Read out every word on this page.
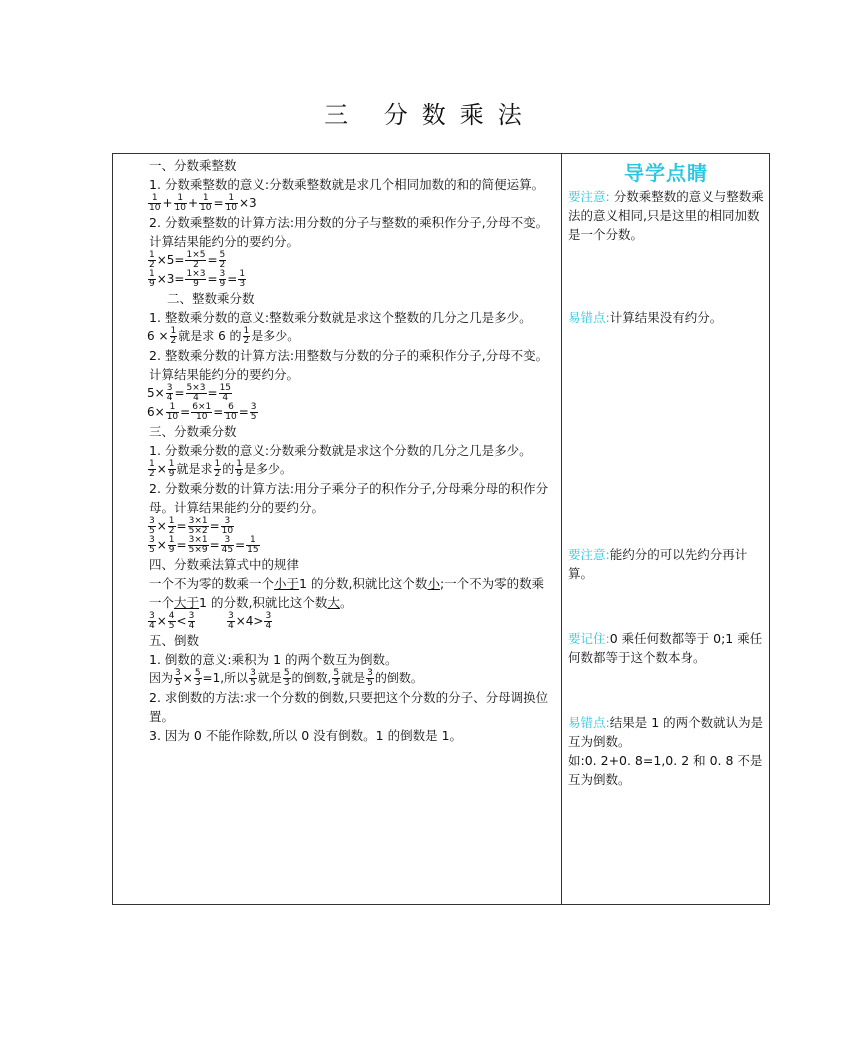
三 分数乘法
一、分数乘整数
1. 分数乘整数的意义:分数乘整数就是求几个相同加数的和的简便运算。
$\frac{1}{10} + \frac{1}{10} + \frac{1}{10} = \frac{1}{10} \times 3$
2. 分数乘整数的计算方法:用分数的分子与整数的乘积作分子,分母不变。计算结果能约分的要约分。
$\frac{1}{2} \times 5= \frac{1\times 5}{2} = \frac{5}{2}$
$\frac{1}{9} \times 3= \frac{1\times 3}{9} = \frac{3}{9} = \frac{1}{3}$
二、整数乘分数
1. 整数乘分数的意义:整数乘分数就是求这个整数的几分之几是多少。
$6 \times \frac{1}{2}$ 就是求 6 的 $\frac{1}{2}$ 是多少。
2. 整数乘分数的计算方法:用整数与分数的分子的乘积作分子,分母不变。计算结果能约分的要约分。
$5\times \frac{3}{4} = \frac{5\times 3}{4} = \frac{15}{4}$
$6\times \frac{1}{10} = \frac{6\times 1}{10} = \frac{6}{10} = \frac{3}{5}$
三、分数乘分数
1. 分数乘分数的意义:分数乘分数就是求这个分数的几分之几是多少。
$\frac{1}{2} \times \frac{1}{9}$ 就是求 $\frac{1}{2}$ 的 $\frac{1}{9}$ 是多少。
2. 分数乘分数的计算方法:用分子乘分子的积作分子,分母乘分母的积作分母。计算结果能约分的要约分。
$\frac{3}{5} \times \frac{1}{2} = \frac{3\times 1}{5\times 2} = \frac{3}{10}$
$\frac{3}{5} \times \frac{1}{9} = \frac{3\times 1}{5\times 9} = \frac{3}{45} = \frac{1}{15}$
四、分数乘法算式中的规律
一个不为零的数乘一个小于1 的分数,积就比这个数小;一个不为零的数乘一个大于1 的分数,积就比这个数大。
$\frac{3}{4} \times \frac{4}{5} < \frac{3}{4}$
	$\frac{3}{4} \times 4> \frac{3}{4}$
五、倒数
1. 倒数的意义:乘积为 1 的两个数互为倒数。
因为 $\frac{3}{5} \times \frac{5}{3} =1$,所以 $\frac{3}{5}$ 就是 $\frac{5}{3}$ 的倒数, $\frac{5}{3}$ 就是 $\frac{3}{5}$ 的倒数。
2. 求倒数的方法:求一个分数的倒数,只要把这个分数的分子、分母调换位置。
3. 因为 0 不能作除数,所以 0 没有倒数。1 的倒数是 1。
导学点睛

要注意: 分数乘整数的意义与整数乘法的意义相同,只是这里的相同加数是一个分数。

易错点:计算结果没有约分。

要注意:能约分的可以先约分再计算。

要记住:0 乘任何数都等于 0;1 乘任何数都等于这个数本身。

易错点:结果是 1 的两个数就认为是互为倒数。

如:0. 2+0. 8=1,0. 2 和 0. 8 不是互为倒数。
